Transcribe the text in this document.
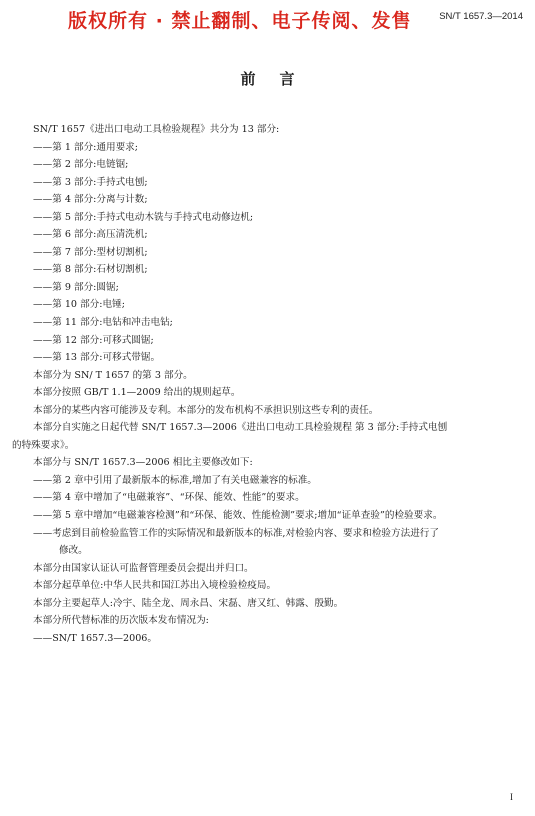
版权所有 · 禁止翻制、电子传阅、发售	SN/T 1657.3—2014
前言

SN/T 1657《进出口电动工具检验规程》共分为 13 部分:

——第 1 部分:通用要求;

——第 2 部分:电链锯;

——第 3 部分:手持式电刨;

——第 4 部分:分离与计数;

——第 5 部分:手持式电动木铣与手持式电动修边机;

——第 6 部分:高压清洗机;

——第 7 部分:型材切割机;

——第 8 部分:石材切割机;

——第 9 部分:圆锯;

——第 10 部分:电锤;

——第 11 部分:电钻和冲击电钻;

——第 12 部分:可移式圆锯;

——第 13 部分:可移式带锯。

本部分为 SN/ T 1657 的第 3 部分。

本部分按照 GB/T 1.1—2009 给出的规则起草。

本部分的某些内容可能涉及专利。本部分的发布机构不承担识别这些专利的责任。

本部分自实施之日起代替 SN/T 1657.3—2006《进出口电动工具检验规程 第 3 部分:手持式电刨

的特殊要求》。

本部分与 SN/T 1657.3—2006 相比主要修改如下:

——第 2 章中引用了最新版本的标准,增加了有关电磁兼容的标准。

——第 4 章中增加了“电磁兼容”、“环保、能效、性能”的要求。

——第 5 章中增加“电磁兼容检测”和“环保、能效、性能检测”要求;增加“证单查验”的检验要求。

——考虑到目前检验监管工作的实际情况和最新版本的标准,对检验内容、要求和检验方法进行了

修改。

本部分由国家认证认可监督管理委员会提出并归口。

本部分起草单位:中华人民共和国江苏出入境检验检疫局。

本部分主要起草人:冷宇、陆全龙、周永昌、宋磊、唐又红、韩露、殷勤。

本部分所代替标准的历次版本发布情况为:

——SN/T 1657.3—2006。

I
